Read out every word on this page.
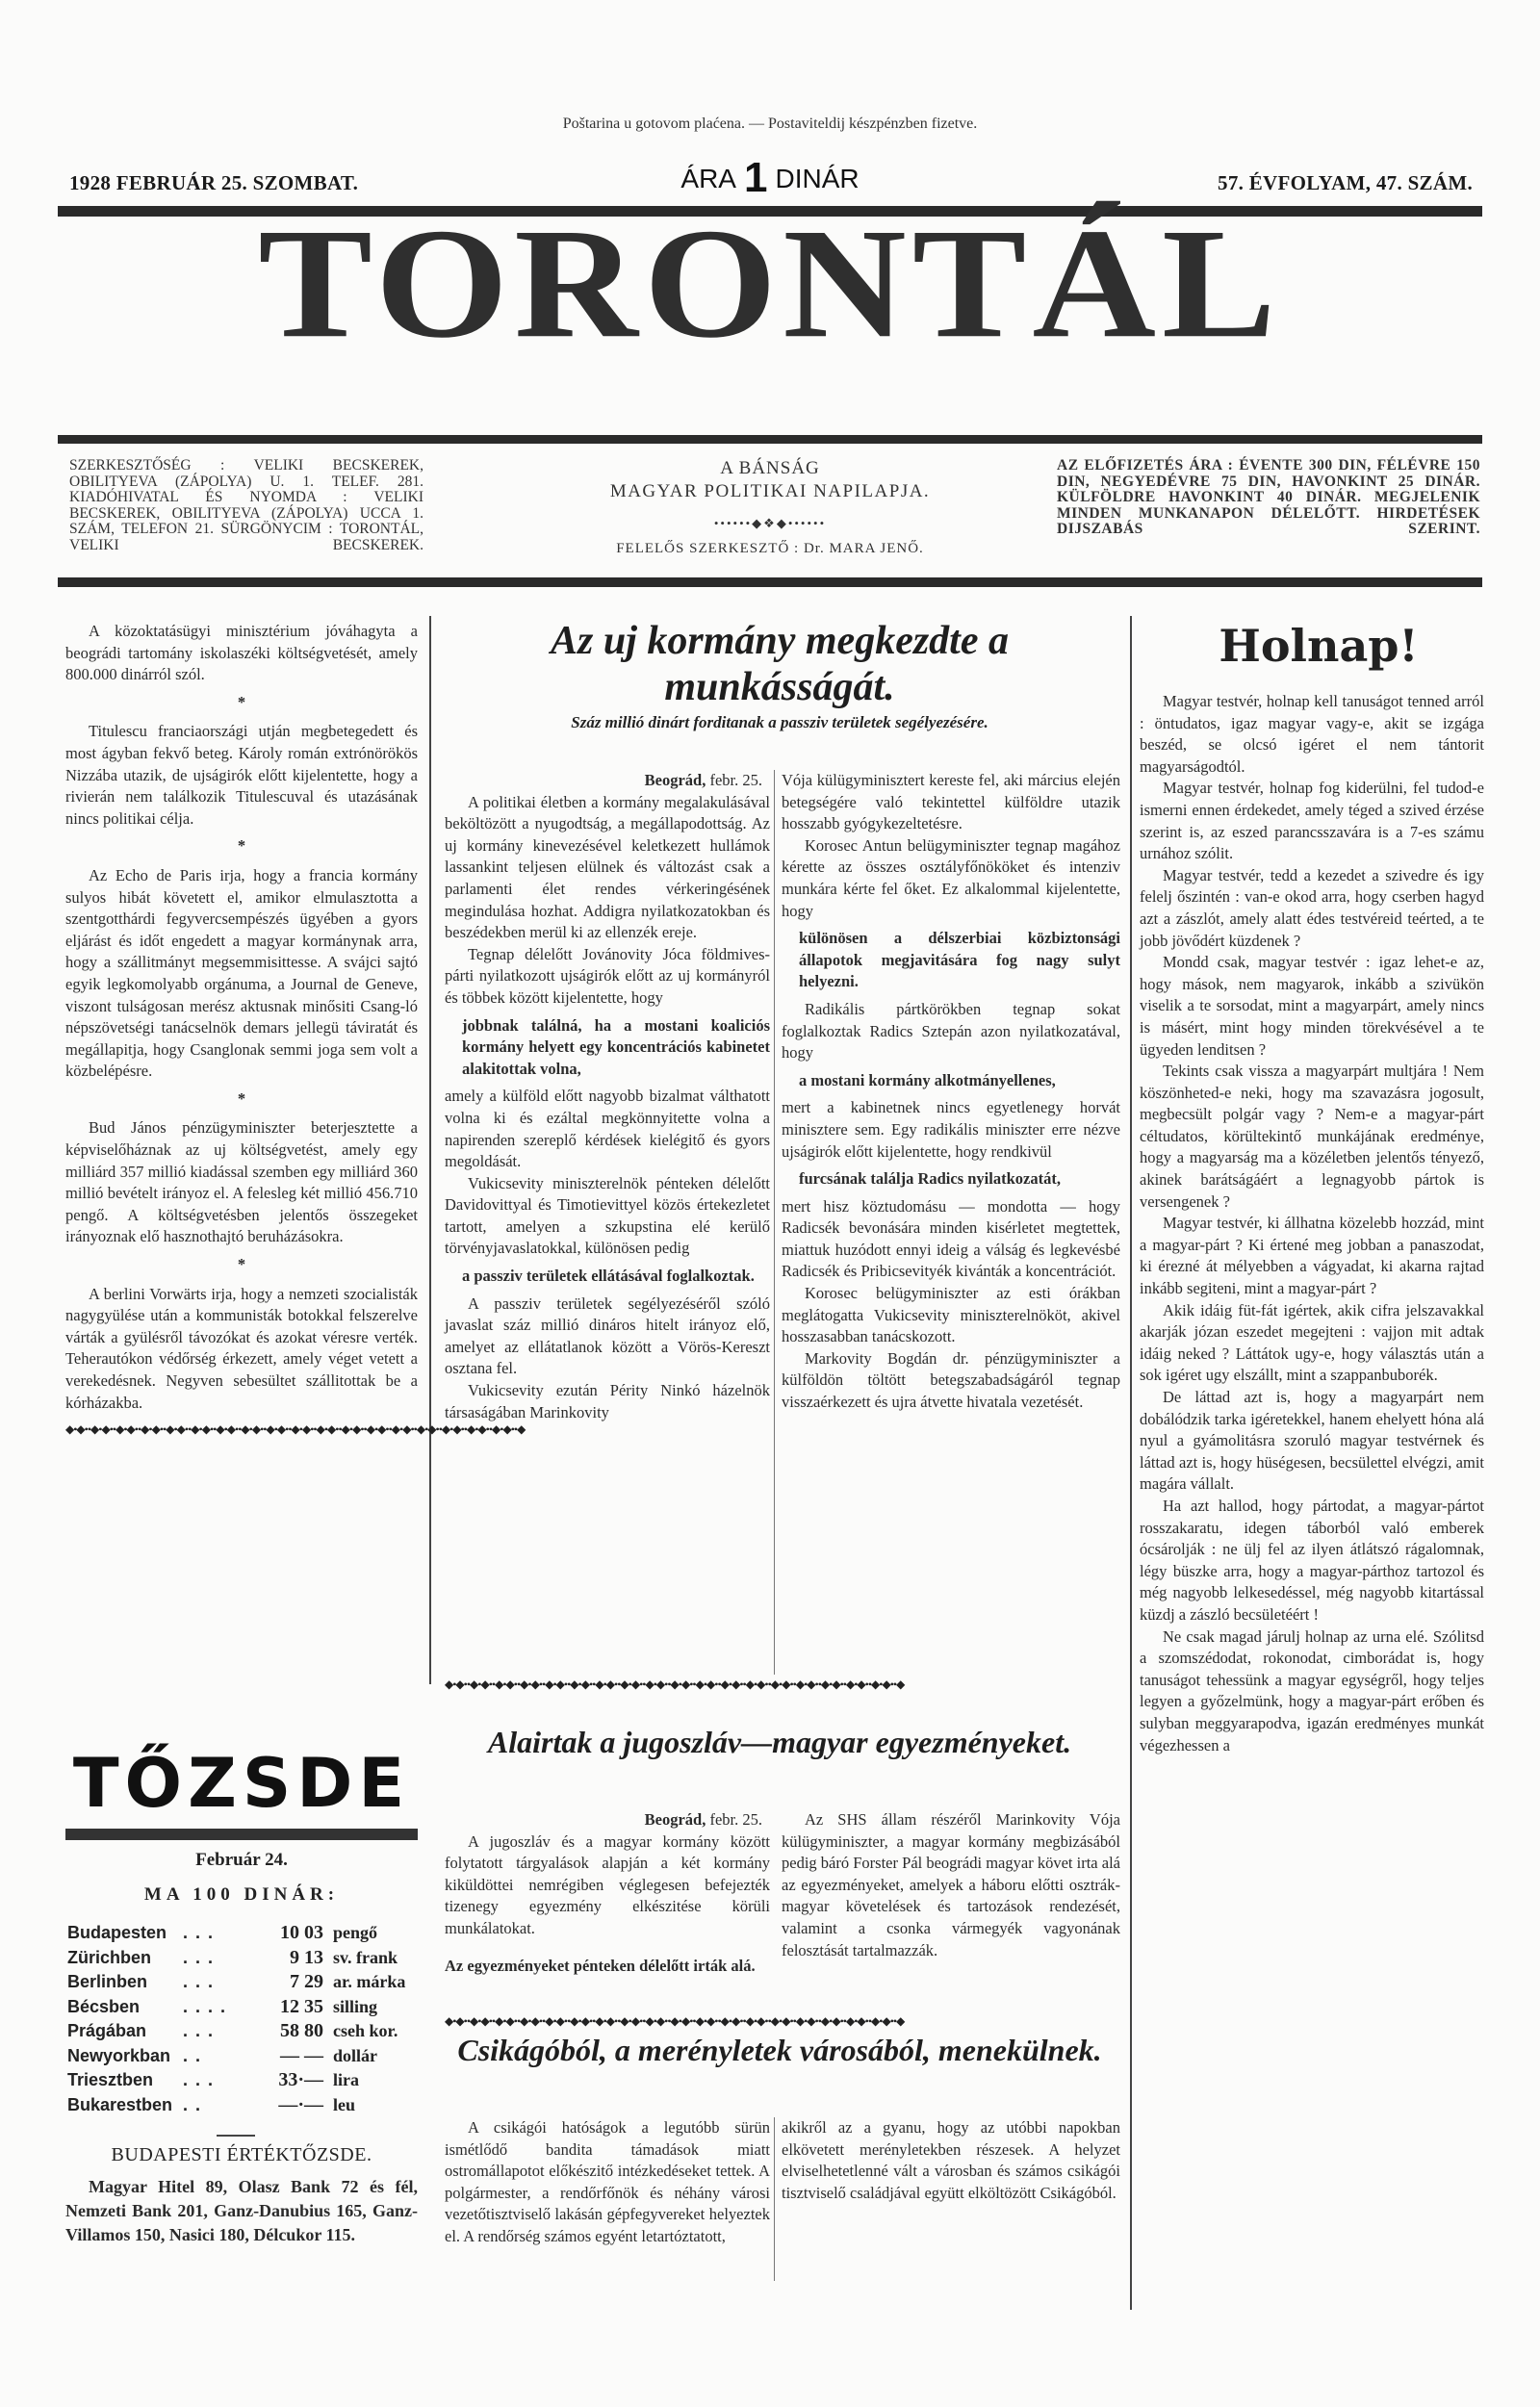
Poštarina u gotovom plaćena. — Postaviteldij készpénzben fizetve.
1928 FEBRUÁR 25. SZOMBAT.	ÁRA 1 DINÁR	57. ÉVFOLYAM, 47. SZÁM.
TORONTÁL
SZERKESZTŐSÉG : VELIKI BECSKEREK, OBILITYEVA (ZÁPOLYA) U. 1. TELEF. 281. KIADÓHIVATAL ÉS NYOMDA : VELIKI BECSKEREK, OBILITYEVA (ZÁPOLYA) UCCA 1. SZÁM, TELEFON 21. SÜRGÖNYCIM : TORONTÁL, VELIKI BECSKEREK.
A BÁNSÁG
MAGYAR POLITIKAI NAPILAPJA.
••••••◆❖◆••••••
FELELŐS SZERKESZTŐ : Dr. MARA JENŐ.
AZ ELŐFIZETÉS ÁRA : ÉVENTE 300 DIN, FÉLÉVRE 150 DIN, NEGYEDÉVRE 75 DIN, HAVONKINT 25 DINÁR. KÜLFÖLDRE HAVONKINT 40 DINÁR. MEGJELENIK MINDEN MUNKANAPON DÉLELŐTT. HIRDETÉSEK DIJSZABÁS SZERINT.

A közoktatásügyi minisztérium jóváhagyta a beográdi tartomány iskolaszéki költségvetését, amely 800.000 dinárról szól.

*

Titulescu franciaországi utján megbetegedett és most ágyban fekvő beteg. Károly román extrónörökös Nizzába utazik, de ujságirók előtt kijelentette, hogy a rivierán nem találkozik Titulescuval és utazásának nincs politikai célja.

*

Az Echo de Paris irja, hogy a francia kormány sulyos hibát követett el, amikor elmulasztotta a szentgotthárdi fegyvercsempészés ügyében a gyors eljárást és időt engedett a magyar kormánynak arra, hogy a szállitmányt megsemmisittesse. A svájci sajtó egyik legkomolyabb orgánuma, a Journal de Geneve, viszont tulságosan merész aktusnak minősiti Csang-ló népszövetségi tanácselnök demars jellegü táviratát és megállapitja, hogy Csanglonak semmi joga sem volt a közbelépésre.

*

Bud János pénzügyminiszter beterjesztette a képviselőháznak az uj költségvetést, amely egy milliárd 357 millió kiadással szemben egy milliárd 360 millió bevételt irányoz el. A felesleg két millió 456.710 pengő. A költségvetésben jelentős összegeket irányoznak elő hasznothajtó beruházásokra.

*

A berlini Vorwärts irja, hogy a nemzeti szocialisták nagygyülése után a kommunisták botokkal felszerelve várták a gyülésről távozókat és azokat véresre verték. Teherautókon védőrség érkezett, amely véget vetett a verekedésnek. Negyven sebesültet szállitottak be a kórházakba.

◆•◆••◆•◆••◆•◆••◆•◆••◆•◆••◆•◆••◆•◆••◆•◆••◆•◆••◆•◆••◆•◆••◆•◆••◆•◆••◆•◆••◆•◆••◆•◆••◆•◆••◆•◆••◆
TŐZSDE
Február 24.
MA 100 DINÁR:
Budapesten ...	10 03 pengő
Zürichben	...	9 13 sv. frank
Berlinben	...	7 29 ar. márka
Bécsben	....	12 35 silling
Prágában	...	58 80 cseh kor.
Newyorkban ..	— — dollár
Triesztben	...	33·— lira
Bukarestben ..	—·— leu
BUDAPESTI ÉRTÉKTŐZSDE.

Magyar Hitel 89, Olasz Bank 72 és fél, Nemzeti Bank 201, Ganz-Danubius 165, Ganz-Villamos 150, Nasici 180, Délcukor 115.

Az uj kormány megkezdte a munkásságát.
Száz millió dinárt forditanak a passziv területek segélyezésére.

Beográd, febr. 25.

A politikai életben a kormány megalakulásával beköltözött a nyugodtság, a megállapodottság. Az uj kormány kinevezésével keletkezett hullámok lassankint teljesen elülnek és változást csak a parlamenti élet rendes vérkeringésének megindulása hozhat. Addigra nyilatkozatokban és beszédekben merül ki az ellenzék ereje.

Tegnap délelőtt Jovánovity Jóca földmives-párti nyilatkozott ujságirók előtt az uj kormányról és többek között kijelentette, hogy

jobbnak találná, ha a mostani koaliciós kormány helyett egy koncentrációs kabinetet alakitottak volna,

amely a külföld előtt nagyobb bizalmat válthatott volna ki és ezáltal megkönnyitette volna a napirenden szereplő kérdések kielégitő és gyors megoldását.

Vukicsevity miniszterelnök pénteken délelőtt Davidovittyal és Timotievittyel közös értekezletet tartott, amelyen a szkupstina elé kerülő törvényjavaslatokkal, különösen pedig

a passziv területek ellátásával foglalkoztak.

A passziv területek segélyezéséről szóló javaslat száz millió dináros hitelt irányoz elő, amelyet az ellátatlanok között a Vörös-Kereszt osztana fel.

Vukicsevity ezután Périty Ninkó házelnök társaságában Marinkovity

Vója külügyminisztert kereste fel, aki március elején betegségére való tekintettel külföldre utazik hosszabb gyógykezeltetésre.

Korosec Antun belügyminiszter tegnap magához kérette az összes osztályfőnököket és intenziv munkára kérte fel őket. Ez alkalommal kijelentette, hogy

különösen a délszerbiai közbiztonsági állapotok megjavitására fog nagy sulyt helyezni.

Radikális pártkörökben tegnap sokat foglalkoztak Radics Sztepán azon nyilatkozatával, hogy

a mostani kormány alkotmányellenes,

mert a kabinetnek nincs egyetlenegy horvát minisztere sem. Egy radikális miniszter erre nézve ujságirók előtt kijelentette, hogy rendkivül

furcsának találja Radics nyilatkozatát,

mert hisz köztudomásu — mondotta — hogy Radicsék bevonására minden kisérletet megtettek, miattuk huzódott ennyi ideig a válság és legkevésbé Radicsék és Pribicsevityék kivánták a koncentrációt.

Korosec belügyminiszter az esti órákban meglátogatta Vukicsevity miniszterelnököt, akivel hosszasabban tanácskozott.

Markovity Bogdán dr. pénzügyminiszter a külföldön töltött betegszabadságáról tegnap visszaérkezett és ujra átvette hivatala vezetését.

◆•◆••◆•◆••◆•◆••◆•◆••◆•◆••◆•◆••◆•◆••◆•◆••◆•◆••◆•◆••◆•◆••◆•◆••◆•◆••◆•◆••◆•◆••◆•◆••◆•◆••◆•◆••◆
Alairtak a jugoszláv—magyar egyezményeket.

Beográd, febr. 25.

A jugoszláv és a magyar kormány között folytatott tárgyalások alapján a két kormány kiküldöttei nemrégiben véglegesen befejezték tizenegy egyezmény elkészitése körüli munkálatokat.

Az egyezményeket pénteken délelőtt irták alá.

Az SHS állam részéről Marinkovity Vója külügyminiszter, a magyar kormány megbizásából pedig báró Forster Pál beográdi magyar követ irta alá az egyezményeket, amelyek a háboru előtti osztrák-magyar követelések és tartozások rendezését, valamint a csonka vármegyék vagyonának felosztását tartalmazzák.

◆•◆••◆•◆••◆•◆••◆•◆••◆•◆••◆•◆••◆•◆••◆•◆••◆•◆••◆•◆••◆•◆••◆•◆••◆•◆••◆•◆••◆•◆••◆•◆••◆•◆••◆•◆••◆
Csikágóból, a merényletek városából, menekülnek.

A csikágói hatóságok a legutóbb sürün ismétlődő bandita támadások miatt ostromállapotot előkészitő intézkedéseket tettek. A polgármester, a rendőrfőnök és néhány városi vezetőtisztviselő lakásán gépfegyvereket helyeztek el. A rendőrség számos egyént letartóztatott,

akikről az a gyanu, hogy az utóbbi napokban elkövetett merényletekben részesek. A helyzet elviselhetetlenné vált a városban és számos csikágói tisztviselő családjával együtt elköltözött Csikágóból.

Holnap!

Magyar testvér, holnap kell tanuságot tenned arról : öntudatos, igaz magyar vagy-e, akit se izgága beszéd, se olcsó igéret el nem tántorit magyarságodtól.

Magyar testvér, holnap fog kiderülni, fel tudod-e ismerni ennen érdekedet, amely téged a szived érzése szerint is, az eszed parancsszavára is a 7-es számu urnához szólit.

Magyar testvér, tedd a kezedet a szivedre és igy felelj őszintén : van-e okod arra, hogy cserben hagyd azt a zászlót, amely alatt édes testvéreid teérted, a te jobb jövődért küzdenek ?

Mondd csak, magyar testvér : igaz lehet-e az, hogy mások, nem magyarok, inkább a szivükön viselik a te sorsodat, mint a magyarpárt, amely nincs is másért, mint hogy minden törekvésével a te ügyeden lenditsen ?

Tekints csak vissza a magyarpárt multjára ! Nem köszönheted-e neki, hogy ma szavazásra jogosult, megbecsült polgár vagy ? Nem-e a magyar-párt céltudatos, körültekintő munkájának eredménye, hogy a magyarság ma a közéletben jelentős tényező, akinek barátságáért a legnagyobb pártok is versengenek ?

Magyar testvér, ki állhatna közelebb hozzád, mint a magyar-párt ? Ki értené meg jobban a panaszodat, ki érezné át mélyebben a vágyadat, ki akarna rajtad inkább segiteni, mint a magyar-párt ?

Akik idáig füt-fát igértek, akik cifra jelszavakkal akarják józan eszedet megejteni : vajjon mit adtak idáig neked ? Láttátok ugy-e, hogy választás után a sok igéret ugy elszállt, mint a szappanbuborék.

De láttad azt is, hogy a magyarpárt nem dobálódzik tarka igéretekkel, hanem ehelyett hóna alá nyul a gyámolitásra szoruló magyar testvérnek és láttad azt is, hogy hüségesen, becsülettel elvégzi, amit magára vállalt.

Ha azt hallod, hogy pártodat, a magyar-pártot rosszakaratu, idegen táborból való emberek ócsárolják : ne ülj fel az ilyen átlátszó rágalomnak, légy büszke arra, hogy a magyar-párthoz tartozol és még nagyobb lelkesedéssel, még nagyobb kitartással küzdj a zászló becsületéért !

Ne csak magad járulj holnap az urna elé. Szólitsd a szomszédodat, rokonodat, cimborádat is, hogy tanuságot tehessünk a magyar egységről, hogy teljes legyen a győzelmünk, hogy a magyar-párt erőben és sulyban meggyarapodva, igazán eredményes munkát végezhessen a
